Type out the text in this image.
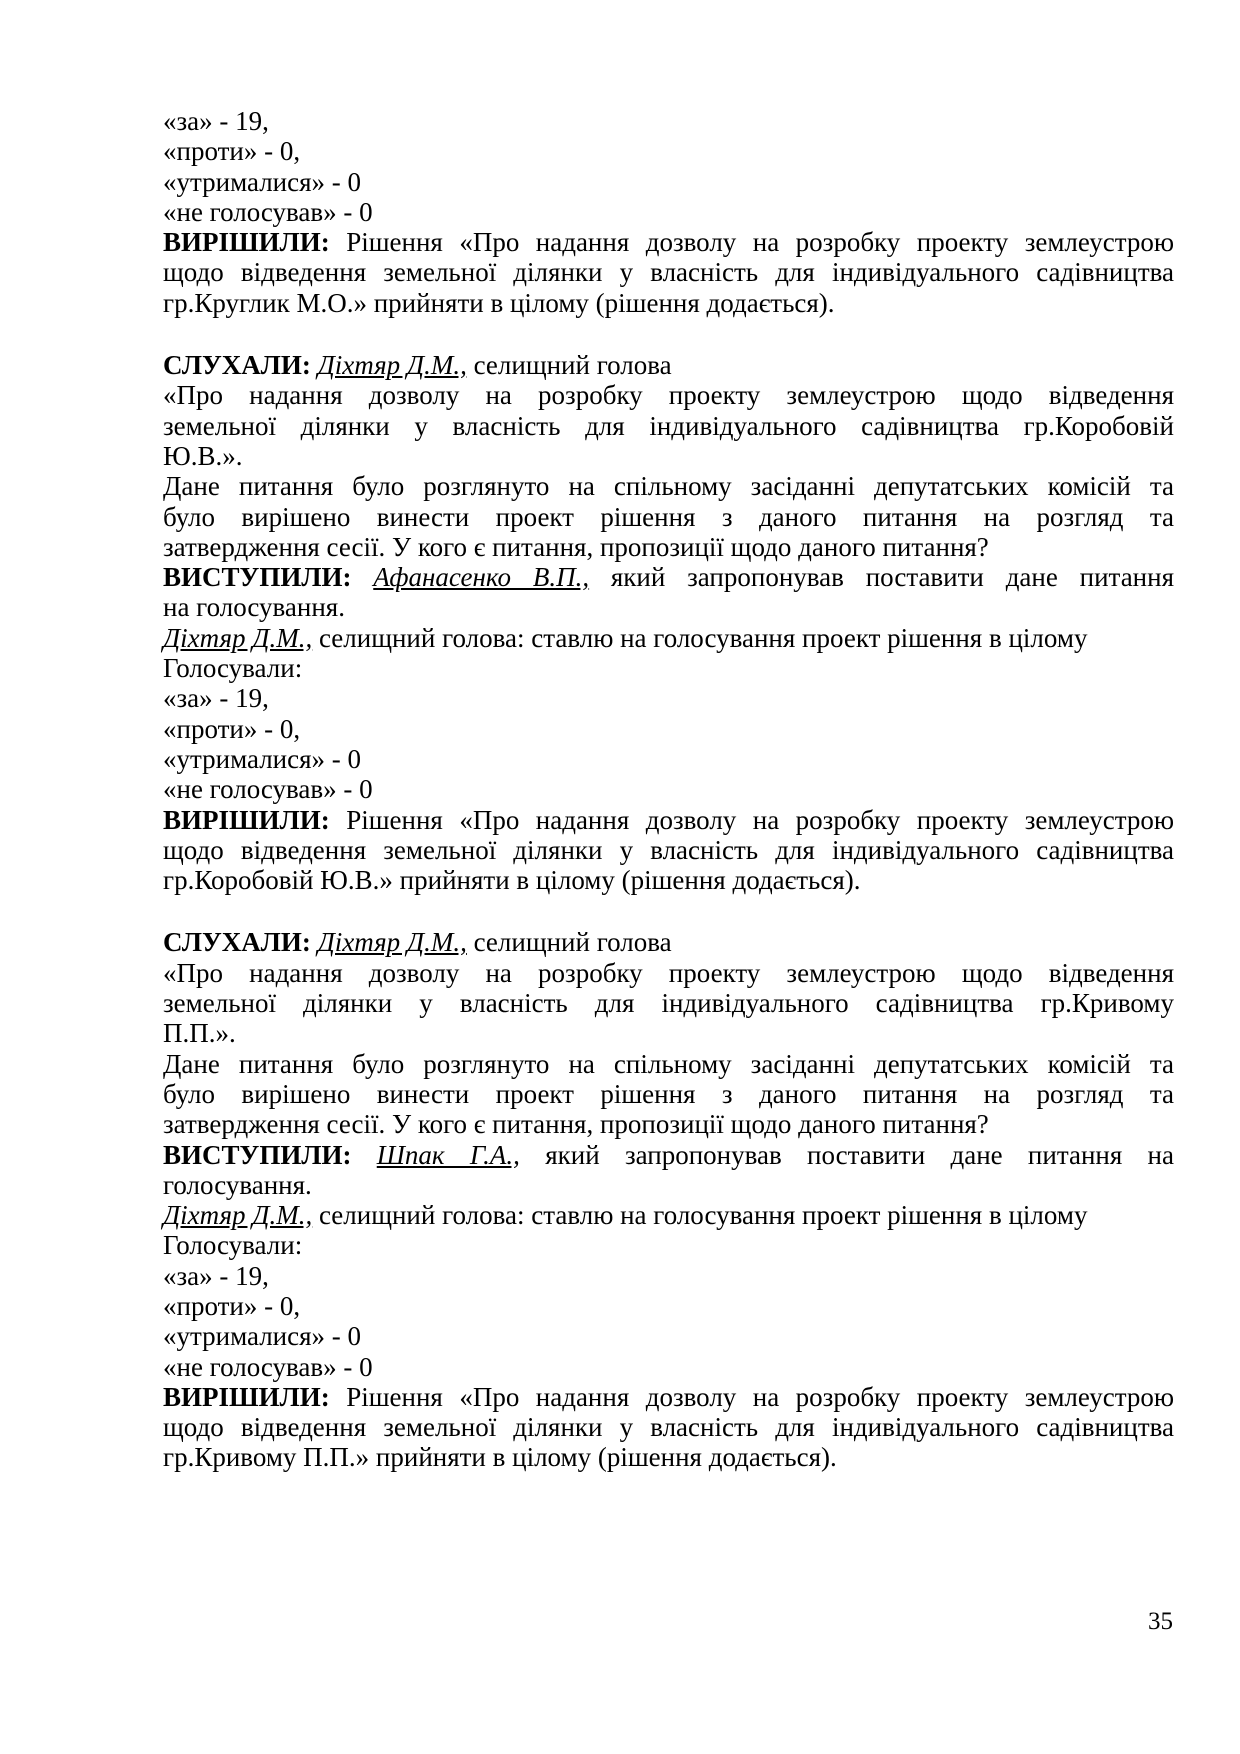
«за» - 19,
«проти» - 0,
«утрималися» - 0
«не голосував» - 0
ВИРІШИЛИ: Рішення «Про надання дозволу на розробку проекту землеустрою
щодо відведення земельної ділянки у власність для індивідуального садівництва
гр.Круглик М.О.» прийняти в цілому (рішення додається).
СЛУХАЛИ: Діхтяр Д.М., селищний голова
«Про надання дозволу на розробку проекту землеустрою щодо відведення
земельної ділянки у власність для індивідуального садівництва гр.Коробовій
Ю.В.».
Дане питання було розглянуто на спільному засіданні депутатських комісій та
було вирішено винести проект рішення з даного питання на розгляд та
затвердження сесії. У кого є питання, пропозиції щодо даного питання?
ВИСТУПИЛИ: Афанасенко В.П., який запропонував поставити дане питання
на голосування.
Діхтяр Д.М., селищний голова: ставлю на голосування проект рішення в цілому
Голосували:
«за» - 19,
«проти» - 0,
«утрималися» - 0
«не голосував» - 0
ВИРІШИЛИ: Рішення «Про надання дозволу на розробку проекту землеустрою
щодо відведення земельної ділянки у власність для індивідуального садівництва
гр.Коробовій Ю.В.» прийняти в цілому (рішення додається).
СЛУХАЛИ: Діхтяр Д.М., селищний голова
«Про надання дозволу на розробку проекту землеустрою щодо відведення
земельної ділянки у власність для індивідуального садівництва гр.Кривому
П.П.».
Дане питання було розглянуто на спільному засіданні депутатських комісій та
було вирішено винести проект рішення з даного питання на розгляд та
затвердження сесії. У кого є питання, пропозиції щодо даного питання?
ВИСТУПИЛИ: Шпак Г.А., який запропонував поставити дане питання на
голосування.
Діхтяр Д.М., селищний голова: ставлю на голосування проект рішення в цілому
Голосували:
«за» - 19,
«проти» - 0,
«утрималися» - 0
«не голосував» - 0
ВИРІШИЛИ: Рішення «Про надання дозволу на розробку проекту землеустрою
щодо відведення земельної ділянки у власність для індивідуального садівництва
гр.Кривому П.П.» прийняти в цілому (рішення додається).
35
